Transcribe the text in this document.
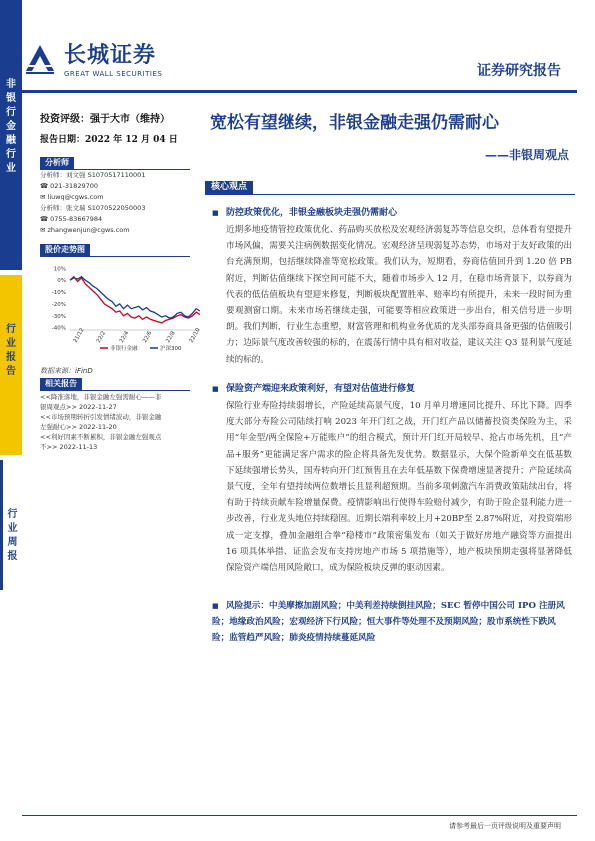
非
银
行
金
融
行
业
行
业
报
告
行
业
周
报
长城证券
GREAT WALL SECURITIES	证券研究报告
投资评级：强于大市（维持）
报告日期：2022 年 12 月 04 日
宽松有望继续，非银金融走强仍需耐心
——非银周观点
分析师
分析师：刘文强 S1070517110001
☎ 021-31829700
✉ liuwq@cgws.com
分析师：张文瑞 S1070522050003
☎ 0755-83667984
✉ zhangwenjun@cgws.com
股价走势图
10%
0%
-10%
-20%
-30%
-40% 21/12 22/2 22/4 22/6 22/8 22/10
非银行金融	沪深300
数据来源：iFinD
相关报告
<<降准落地，非银金融左强需耐心——非
银周观点>> 2022-11-27
<<市场预期转折引发情绪波动，非银金融
左强耐心>> 2022-11-20
<<利好因素不断累积，非银金融左强观点
不>> 2022-11-13
核心观点
■ 防控政策优化，非银金融板块走强仍需耐心
近期多地疫情管控政策优化、药品购买放松及宏观经济弱复苏等信息交织，总体看有望提升市场风偏，需要关注病例数据变化情况。宏观经济呈现弱复苏态势，市场对于友好政策的出台充满预期，包括继续降准等宽松政策。我们认为，短期看，券商估值回升到 1.20 倍 PB 附近，判断估值继续下探空间可能不大，随着市场步入 12 月，在稳市场背景下，以券商为代表的低估值板块有望迎来修复，判断板块配置胜率、赔率均有所提升，未来一段时间为重要观测窗口期。未来市场若继续走强，可能要等相应政策进一步出台，相关信号进一步明朗。我们判断，行业生态重塑，财富管理和机构业务优质的龙头部券商具备更强的估值吸引力；边际景气度改善较强的标的，在震荡行情中具有相对收益，建议关注 Q3 显利景气度延续的标的。
■ 保险资产端迎来政策利好，有望对估值进行修复
保险行业寿险持续弱增长，产险延续高景气度，10 月单月增速同比提升、环比下降。四季度大部分寿险公司陆续打响 2023 年开门红之战，开门红产品以储蓄投资类保险为主，采用“年金型/两全保险+万能账户”的组合模式，预计开门红开局较早、抢占市场先机，且“产品+服务”更能满足客户需求的险企将具备先发优势。数据显示，大保个险新单交在低基数下延续强增长势头，国寿转向开门红预售且在去年低基数下保费增速显著提升；产险延续高景气度，全年有望持续两位数增长且显利超预期。当前多项刺激汽车消费政策陆续出台，将有助于持续贡献车险增量保费。疫情影响出行使得车险赔付减少，有助于险企显利能力进一步改善，行业龙头地位持续稳固。近期长端利率较上月+20BP至 2.87%附近，对投资端形成一定支撑，叠加金融组合拳“稳楼市”政策密集发布（如关于做好房地产融资等方面提出 16 项具体举措、证监会发布支持房地产市场 5 项措施等），地产板块预期走强将显著降低保险资产端信用风险敞口，成为保险板块反弹的驱动因素。
■ 风险提示：中美摩擦加剧风险；中美利差持续倒挂风险；SEC 暂停中国公司 IPO 注册风险；地缘政治风险；宏观经济下行风险；恒大事件等处理不及预期风险；股市系统性下跌风险；监管趋严风险；肺炎疫情持续蔓延风险
请参考最后一页评级说明及重要声明
